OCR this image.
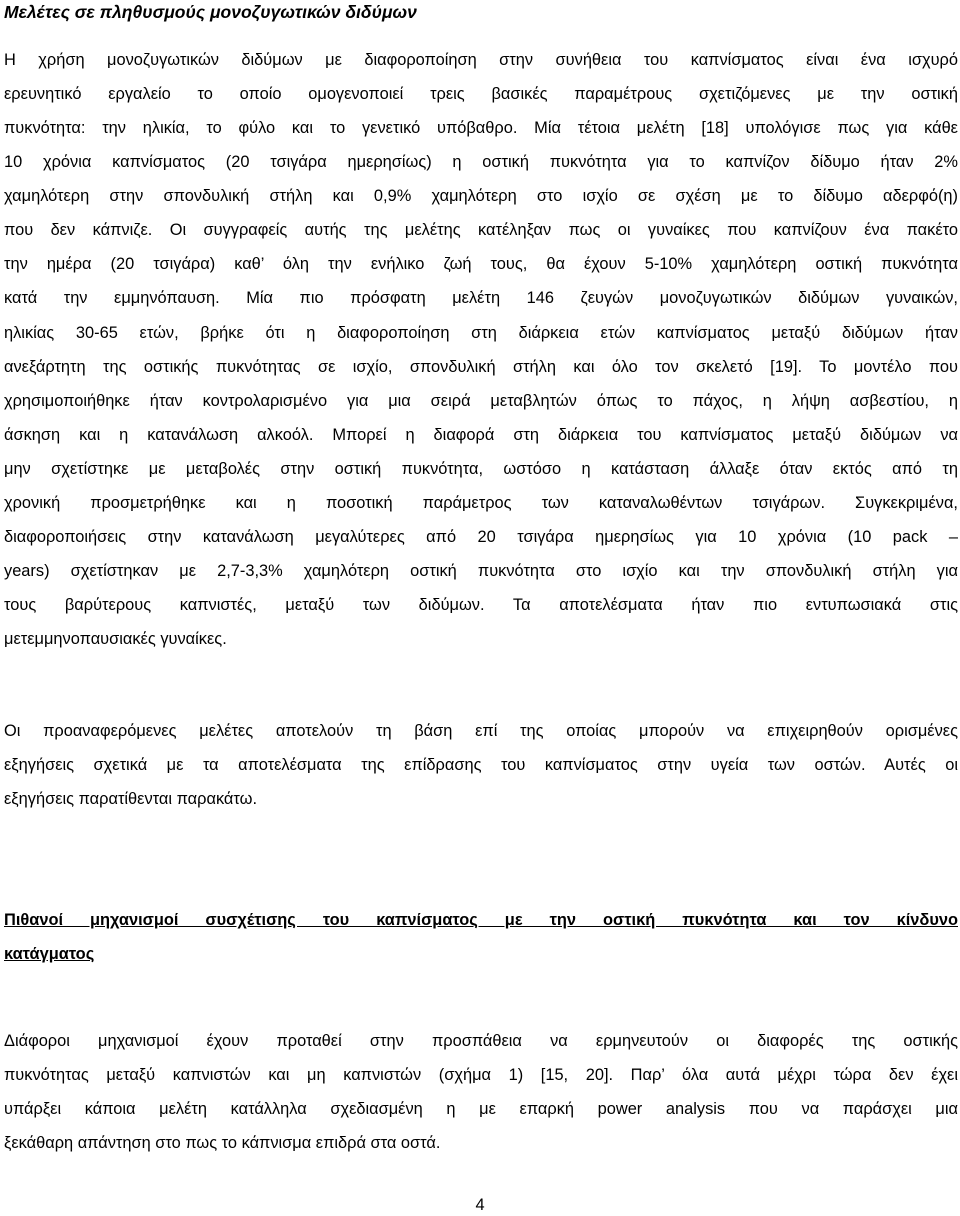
Μελέτες σε πληθυσμούς μονοζυγωτικών διδύμων
Η χρήση μονοζυγωτικών διδύμων με διαφοροποίηση στην συνήθεια του καπνίσματος είναι ένα ισχυρό
ερευνητικό εργαλείο το οποίο ομογενοποιεί τρεις βασικές παραμέτρους σχετιζόμενες με την οστική
πυκνότητα: την ηλικία, το φύλο και το γενετικό υπόβαθρο. Μία τέτοια μελέτη [18] υπολόγισε πως για κάθε
10 χρόνια καπνίσματος (20 τσιγάρα ημερησίως) η οστική πυκνότητα για το καπνίζον δίδυμο ήταν 2%
χαμηλότερη στην σπονδυλική στήλη και 0,9% χαμηλότερη στο ισχίο σε σχέση με το δίδυμο αδερφό(η)
που δεν κάπνιζε. Οι συγγραφείς αυτής της μελέτης κατέληξαν πως οι γυναίκες που καπνίζουν ένα πακέτο
την ημέρα (20 τσιγάρα) καθ’ όλη την ενήλικο ζωή τους, θα έχουν 5-10% χαμηλότερη οστική πυκνότητα
κατά την εμμηνόπαυση. Μία πιο πρόσφατη μελέτη 146 ζευγών μονοζυγωτικών διδύμων γυναικών,
ηλικίας 30-65 ετών, βρήκε ότι η διαφοροποίηση στη διάρκεια ετών καπνίσματος μεταξύ διδύμων ήταν
ανεξάρτητη της οστικής πυκνότητας σε ισχίο, σπονδυλική στήλη και όλο τον σκελετό [19]. Το μοντέλο που
χρησιμοποιήθηκε ήταν κοντρολαρισμένο για μια σειρά μεταβλητών όπως το πάχος, η λήψη ασβεστίου, η
άσκηση και η κατανάλωση αλκοόλ. Μπορεί η διαφορά στη διάρκεια του καπνίσματος μεταξύ διδύμων να
μην σχετίστηκε με μεταβολές στην οστική πυκνότητα, ωστόσο η κατάσταση άλλαξε όταν εκτός από τη
χρονική προσμετρήθηκε και η ποσοτική παράμετρος των καταναλωθέντων τσιγάρων. Συγκεκριμένα,
διαφοροποιήσεις στην κατανάλωση μεγαλύτερες από 20 τσιγάρα ημερησίως για 10 χρόνια (10 pack –
years) σχετίστηκαν με 2,7-3,3% χαμηλότερη οστική πυκνότητα στο ισχίο και την σπονδυλική στήλη για
τους βαρύτερους καπνιστές, μεταξύ των διδύμων. Τα αποτελέσματα ήταν πιο εντυπωσιακά στις
μετεμμηνοπαυσιακές γυναίκες.
Οι προαναφερόμενες μελέτες αποτελούν τη βάση επί της οποίας μπορούν να επιχειρηθούν ορισμένες
εξηγήσεις σχετικά με τα αποτελέσματα της επίδρασης του καπνίσματος στην υγεία των οστών. Αυτές οι
εξηγήσεις παρατίθενται παρακάτω.
Πιθανοί μηχανισμοί συσχέτισης του καπνίσματος με την οστική πυκνότητα και τον κίνδυνο
κατάγματος
Διάφοροι μηχανισμοί έχουν προταθεί στην προσπάθεια να ερμηνευτούν οι διαφορές της οστικής
πυκνότητας μεταξύ καπνιστών και μη καπνιστών (σχήμα 1) [15, 20]. Παρ’ όλα αυτά μέχρι τώρα δεν έχει
υπάρξει κάποια μελέτη κατάλληλα σχεδιασμένη η με επαρκή power analysis που να παράσχει μια
ξεκάθαρη απάντηση στο πως το κάπνισμα επιδρά στα οστά.
4
